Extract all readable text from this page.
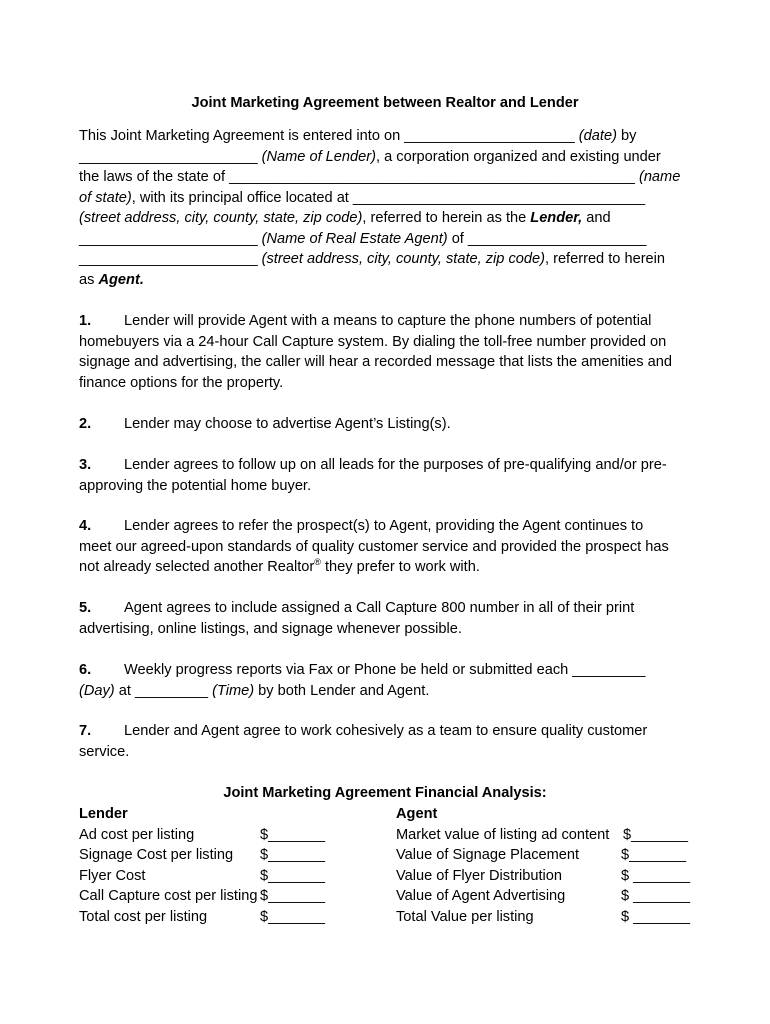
Joint Marketing Agreement between Realtor and Lender
This Joint Marketing Agreement is entered into on _____________________ (date) by
______________________ (Name of Lender), a corporation organized and existing under
the laws of the state of __________________________________________________ (name
of state), with its principal office located at ____________________________________
(street address, city, county, state, zip code), referred to herein as the Lender, and
______________________ (Name of Real Estate Agent) of ______________________
______________________ (street address, city, county, state, zip code), referred to herein
as Agent.
1. Lender will provide Agent with a means to capture the phone numbers of potential
homebuyers via a 24-hour Call Capture system. By dialing the toll-free number provided on
signage and advertising, the caller will hear a recorded message that lists the amenities and
finance options for the property.
2. Lender may choose to advertise Agent’s Listing(s).
3. Lender agrees to follow up on all leads for the purposes of pre-qualifying and/or pre-
approving the potential home buyer.
4. Lender agrees to refer the prospect(s) to Agent, providing the Agent continues to
meet our agreed-upon standards of quality customer service and provided the prospect has
not already selected another Realtor® they prefer to work with.
5. Agent agrees to include assigned a Call Capture 800 number in all of their print
advertising, online listings, and signage whenever possible.
6. Weekly progress reports via Fax or Phone be held or submitted each _________
(Day) at _________ (Time) by both Lender and Agent.
7. Lender and Agent agree to work cohesively as a team to ensure quality customer
service.
Joint Marketing Agreement Financial Analysis:
Lender
Ad cost per listing	$_______
Signage Cost per listing $_______
Flyer Cost	$_______
Call Capture cost per listing $_______
Total cost per listing	$_______
Agent
Market value of listing ad content $_______
Value of Signage Placement	$_______
Value of Flyer Distribution	$ _______
Value of Agent Advertising	$ _______
Total Value per listing	$ _______
